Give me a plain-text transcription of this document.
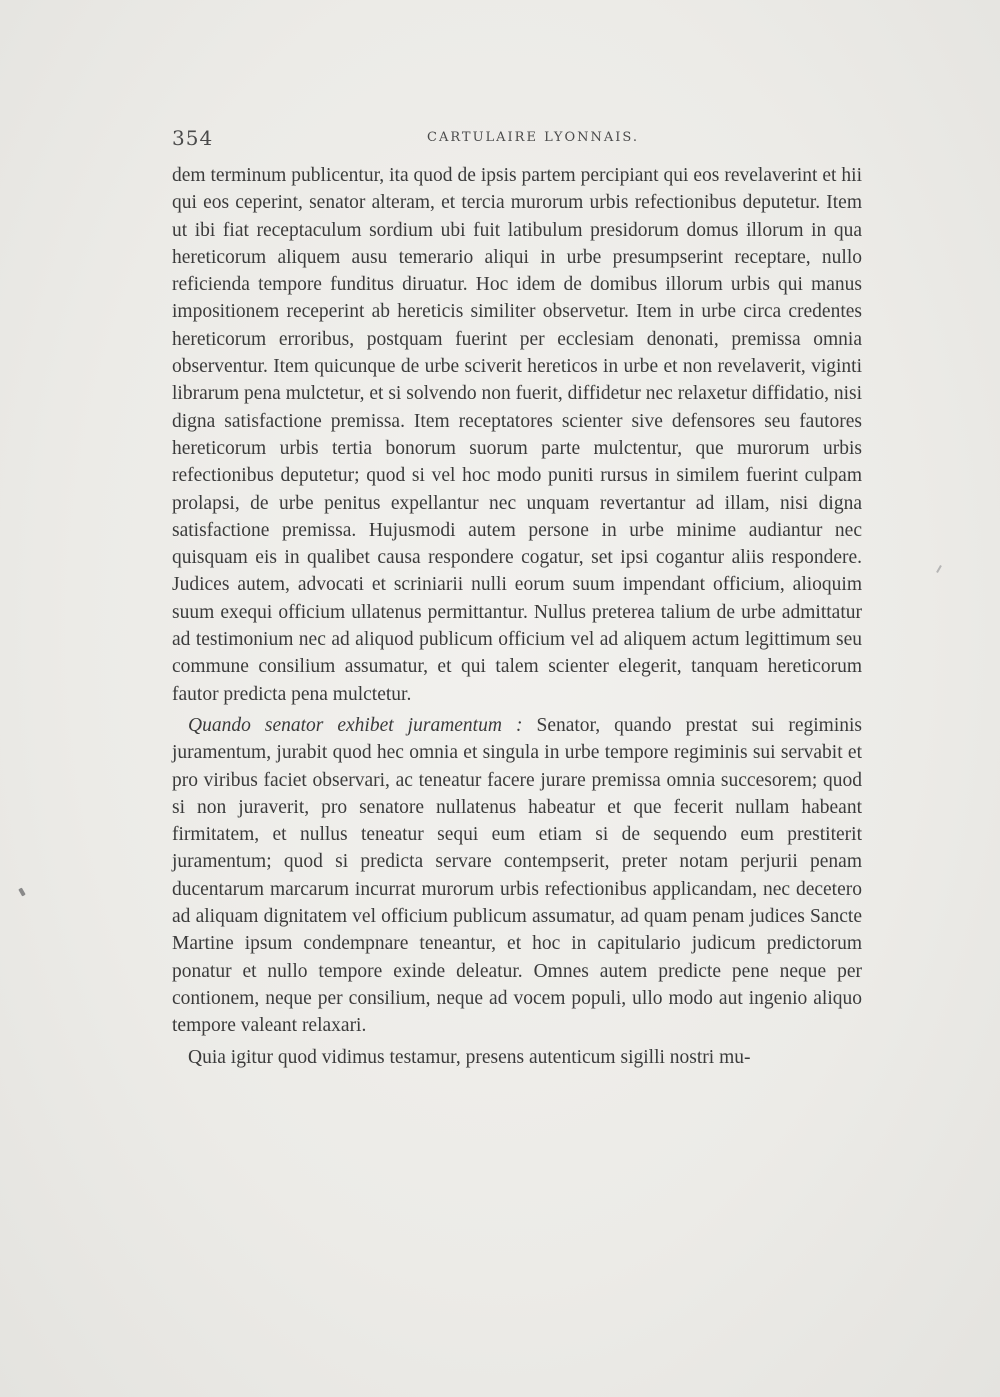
354	CARTULAIRE LYONNAIS.

dem terminum publicentur, ita quod de ipsis partem percipiant qui eos revelaverint et hii qui eos ceperint, senator alteram, et tercia murorum urbis refectionibus deputetur. Item ut ibi fiat receptaculum sordium ubi fuit latibulum presidorum domus illorum in qua hereticorum aliquem ausu temerario aliqui in urbe presumpserint receptare, nullo reficienda tempore funditus diruatur. Hoc idem de domibus illorum urbis qui manus impositionem receperint ab hereticis similiter observetur. Item in urbe circa credentes hereticorum erroribus, postquam fuerint per ecclesiam denonati, premissa omnia observentur. Item quicunque de urbe sciverit hereticos in urbe et non revelaverit, viginti librarum pena mulctetur, et si solvendo non fuerit, diffidetur nec relaxetur diffidatio, nisi digna satisfactione premissa. Item receptatores scienter sive defensores seu fautores hereticorum urbis tertia bonorum suorum parte mulctentur, que murorum urbis refectionibus deputetur; quod si vel hoc modo puniti rursus in similem fuerint culpam prolapsi, de urbe penitus expellantur nec unquam revertantur ad illam, nisi digna satisfactione premissa. Hujusmodi autem persone in urbe minime audiantur nec quisquam eis in qualibet causa respondere cogatur, set ipsi cogantur aliis respondere. Judices autem, advocati et scriniarii nulli eorum suum impendant officium, alioquim suum exequi officium ullatenus permittantur. Nullus preterea talium de urbe admittatur ad testimonium nec ad aliquod publicum officium vel ad aliquem actum legittimum seu commune consilium assumatur, et qui talem scienter elegerit, tanquam hereticorum fautor predicta pena mulctetur.

Quando senator exhibet juramentum : Senator, quando prestat sui regiminis juramentum, jurabit quod hec omnia et singula in urbe tempore regiminis sui servabit et pro viribus faciet observari, ac teneatur facere jurare premissa omnia succesorem; quod si non juraverit, pro senatore nullatenus habeatur et que fecerit nullam habeant firmitatem, et nullus teneatur sequi eum etiam si de sequendo eum prestiterit juramentum; quod si predicta servare contempserit, preter notam perjurii penam ducentarum marcarum incurrat murorum urbis refectionibus applicandam, nec decetero ad aliquam dignitatem vel officium publicum assumatur, ad quam penam judices Sancte Martine ipsum condempnare teneantur, et hoc in capitulario judicum predictorum ponatur et nullo tempore exinde deleatur. Omnes autem predicte pene neque per contionem, neque per consilium, neque ad vocem populi, ullo modo aut ingenio aliquo tempore valeant relaxari.

Quia igitur quod vidimus testamur, presens autenticum sigilli nostri mu-
